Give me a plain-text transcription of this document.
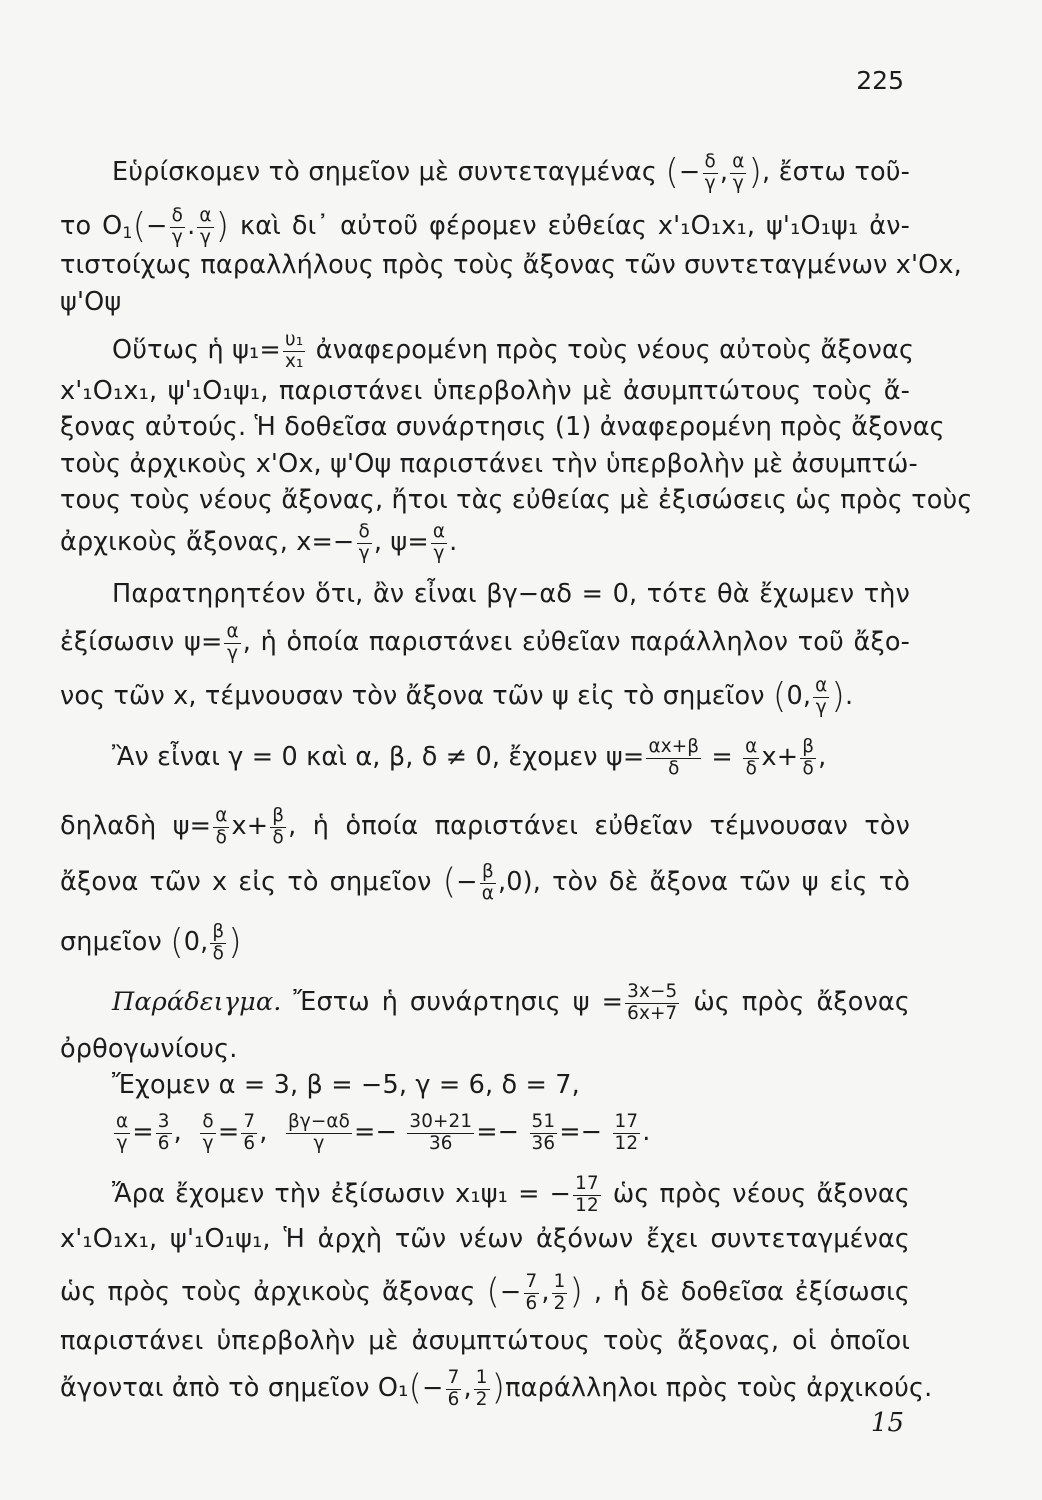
225
Εὑρίσκομεν τὸ σημεῖον μὲ συντεταγμένας (− $\frac{\delta}{\gamma}$ , $\frac{\alpha}{\gamma}$ ), ἔστω τοῦ-
το $O_1(- \frac{\delta}{\gamma}$ . $\frac{\alpha}{\gamma}$ ) καὶ δι᾽ αὐτοῦ φέρομεν εὐθείας x'₁O₁x₁, ψ'₁O₁ψ₁ ἀν-
τιστοίχως παραλλήλους πρὸς τοὺς ἄξονας τῶν συντεταγμένων x'Ox,
ψ'Oψ
Οὕτως ἡ $\psi_1= \frac{\text{υ₁}}{\text{x₁}}$ ἀναφερομένη πρὸς τοὺς νέους αὐτοὺς ἄξονας
x'₁O₁x₁, ψ'₁O₁ψ₁, παριστάνει ὑπερβολὴν μὲ ἀσυμπτώτους τοὺς ἄ-
ξονας αὐτούς. Ἡ δοθεῖσα συνάρτησις (1) ἀναφερομένη πρὸς ἄξονας
τοὺς ἀρχικοὺς x'Ox, ψ'Oψ παριστάνει τὴν ὑπερβολὴν μὲ ἀσυμπτώ-
τους τοὺς νέους ἄξονας, ἤτοι τὰς εὐθείας μὲ ἐξισώσεις ὡς πρὸς τοὺς
ἀρχικοὺς ἄξονας, $x=- \frac{\delta}{\gamma}$ , $\psi= \frac{\alpha}{\gamma}$ .
Παρατηρητέον ὅτι, ἂν εἶναι βγ−αδ = 0, τότε θὰ ἔχωμεν τὴν
ἐξίσωσιν $\psi= \frac{\alpha}{\gamma}$ , ἡ ὁποία παριστάνει εὐθεῖαν παράλληλον τοῦ ἄξο-
νος τῶν x, τέμνουσαν τὸν ἄξονα τῶν ψ εἰς τὸ σημεῖον (0, $\frac{\alpha}{\gamma}$ ).
Ἂν εἶναι γ = 0 καὶ α, β, δ ≠ 0, ἔχομεν $\psi= \frac{\alpha x+\beta}{\delta} = \frac{\alpha}{\delta} x+ \frac{\beta}{\delta}$ ,
δηλαδὴ $\psi= \frac{\alpha}{\delta} x+ \frac{\beta}{\delta}$ , ἡ ὁποία παριστάνει εὐθεῖαν τέμνουσαν τὸν
ἄξονα τῶν x εἰς τὸ σημεῖον (− $\frac{\beta}{\alpha} ,0$), τὸν δὲ ἄξονα τῶν ψ εἰς τὸ
σημεῖον (0, $\frac{\beta}{\delta}$ )
Παράδειγμα. Ἔστω ἡ συνάρτησις $\psi = \frac{3x-5}{6x+7}$ ὡς πρὸς ἄξονας
ὀρθογωνίους.
Ἔχομεν α = 3, β = −5, γ = 6, δ = 7,
$\frac{\alpha}{\gamma} = \frac{3}{6}$ , $\frac{\delta}{\gamma} = \frac{7}{6}$ , $\frac{\beta\gamma-\alpha\delta}{\gamma} =- \frac{30+21}{36} =- \frac{51}{36} =- \frac{17}{12}$ .
Ἄρα ἔχομεν τὴν ἐξίσωσιν x₁ψ₁ = − $\frac{17}{12}$ ὡς πρὸς νέους ἄξονας
x'₁O₁x₁, ψ'₁O₁ψ₁, Ἡ ἀρχὴ τῶν νέων ἀξόνων ἔχει συντεταγμένας
ὡς πρὸς τοὺς ἀρχικοὺς ἄξονας (− $\frac{7}{6}$ , $\frac{1}{2}$ ) , ἡ δὲ δοθεῖσα ἐξίσωσις
παριστάνει ὑπερβολὴν μὲ ἀσυμπτώτους τοὺς ἄξονας, οἱ ὁποῖοι
ἄγονται ἀπὸ τὸ σημεῖον $O_1(- \frac{7}{6}$ , $\frac{1}{2} )\pi\alpha\rho ά\lambda\lambda\eta\lambda o\iota$ πρὸς τοὺς ἀρχικούς.
15
